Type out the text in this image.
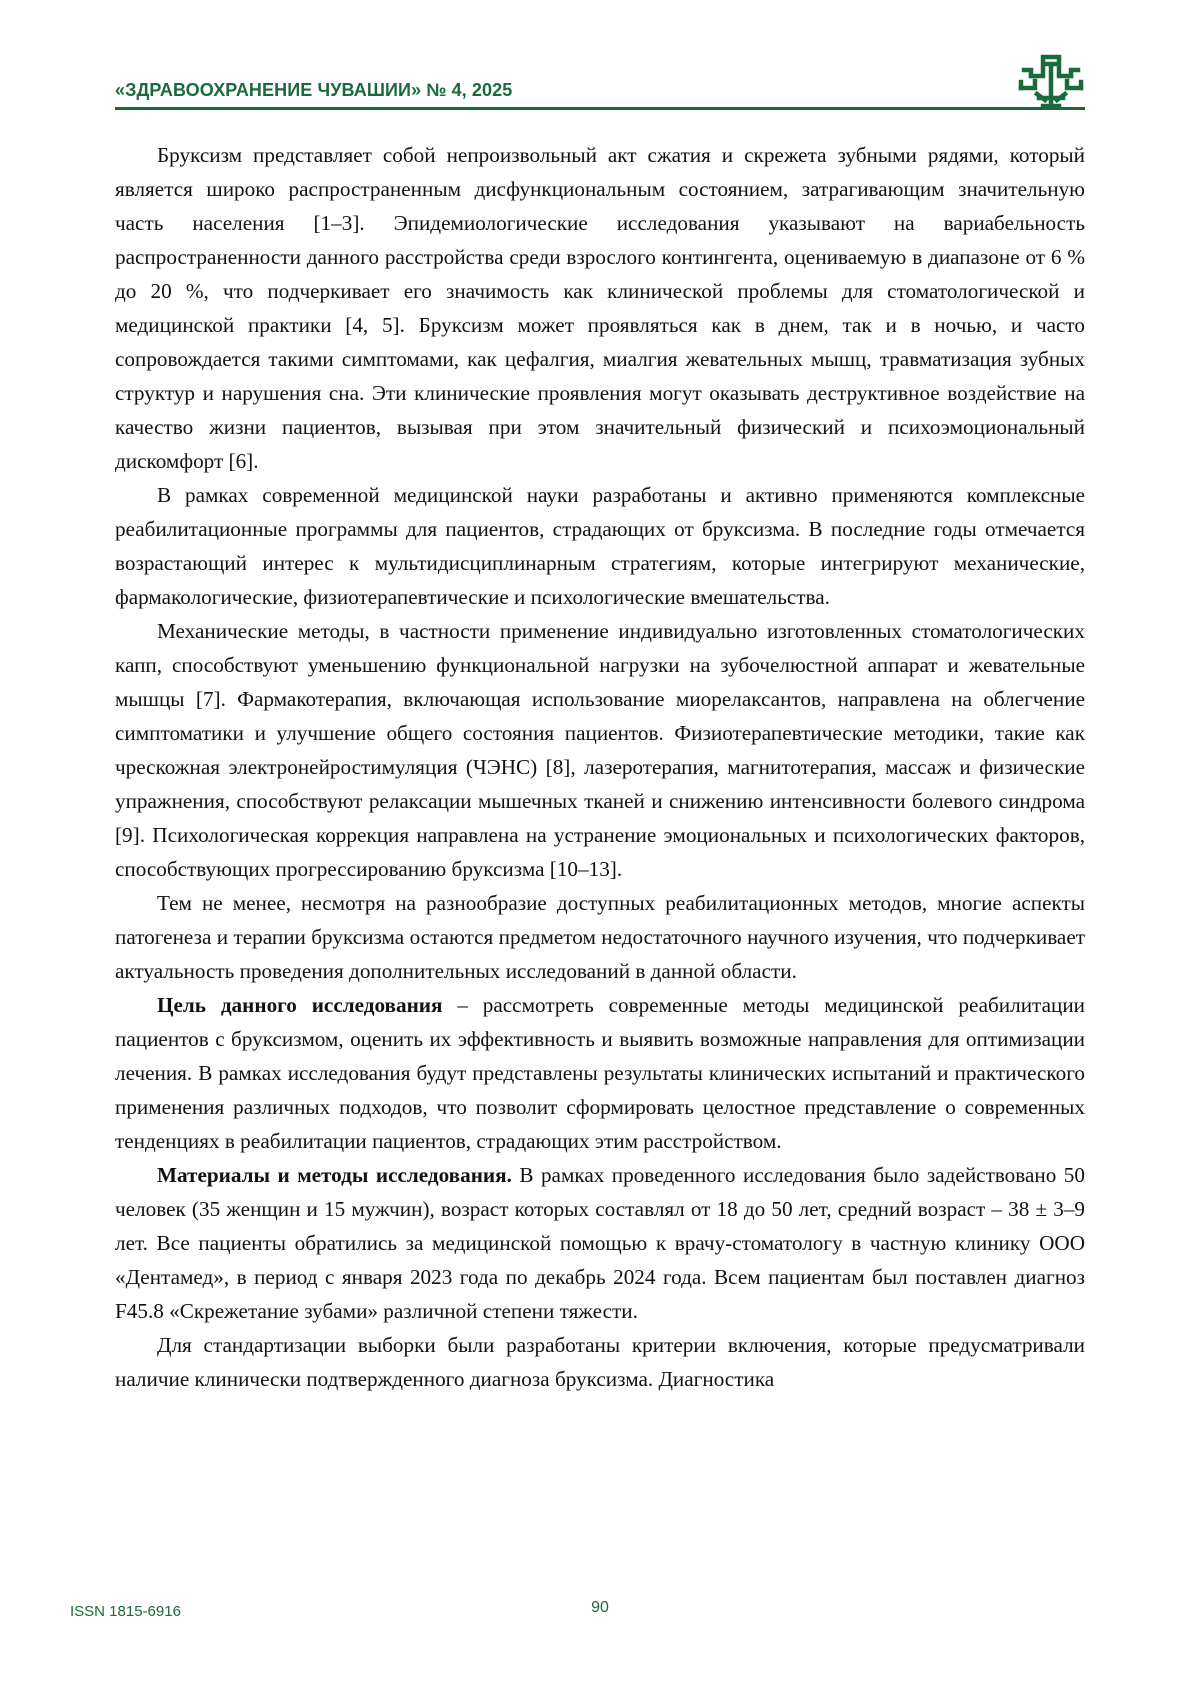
«ЗДРАВООХРАНЕНИЕ ЧУВАШИИ» № 4, 2025

Бруксизм представляет собой непроизвольный акт сжатия и скрежета зубными рядями, который является широко распространенным дисфункциональным состоянием, затрагивающим значительную часть населения [1–3]. Эпидемиологические исследования указывают на вариабельность распространенности данного расстройства среди взрослого контингента, оцениваемую в диапазоне от 6 % до 20 %, что подчеркивает его значимость как клинической проблемы для стоматологической и медицинской практики [4, 5]. Бруксизм может проявляться как в днем, так и в ночью, и часто сопровождается такими симптомами, как цефалгия, миалгия жевательных мышц, травматизация зубных структур и нарушения сна. Эти клинические проявления могут оказывать деструктивное воздействие на качество жизни пациентов, вызывая при этом значительный физический и психоэмоциональный дискомфорт [6].

В рамках современной медицинской науки разработаны и активно применяются комплексные реабилитационные программы для пациентов, страдающих от бруксизма. В последние годы отмечается возрастающий интерес к мультидисциплинарным стратегиям, которые интегрируют механические, фармакологические, физиотерапевтические и психологические вмешательства.

Механические методы, в частности применение индивидуально изготовленных стоматологических капп, способствуют уменьшению функциональной нагрузки на зубочелюстной аппарат и жевательные мышцы [7]. Фармакотерапия, включающая использование миорелаксантов, направлена на облегчение симптоматики и улучшение общего состояния пациентов. Физиотерапевтические методики, такие как чрескожная электронейростимуляция (ЧЭНС) [8], лазеротерапия, магнитотерапия, массаж и физические упражнения, способствуют релаксации мышечных тканей и снижению интенсивности болевого синдрома [9]. Психологическая коррекция направлена на устранение эмоциональных и психологических факторов, способствующих прогрессированию бруксизма [10–13].

Тем не менее, несмотря на разнообразие доступных реабилитационных методов, многие аспекты патогенеза и терапии бруксизма остаются предметом недостаточного научного изучения, что подчеркивает актуальность проведения дополнительных исследований в данной области.

Цель данного исследования – рассмотреть современные методы медицинской реабилитации пациентов с бруксизмом, оценить их эффективность и выявить возможные направления для оптимизации лечения. В рамках исследования будут представлены результаты клинических испытаний и практического применения различных подходов, что позволит сформировать целостное представление о современных тенденциях в реабилитации пациентов, страдающих этим расстройством.

Материалы и методы исследования. В рамках проведенного исследования было задействовано 50 человек (35 женщин и 15 мужчин), возраст которых составлял от 18 до 50 лет, средний возраст – 38 ± 3–9 лет. Все пациенты обратились за медицинской помощью к врачу-стоматологу в частную клинику ООО «Дентамед», в период с января 2023 года по декабрь 2024 года. Всем пациентам был поставлен диагноз F45.8 «Скрежетание зубами» различной степени тяжести.

Для стандартизации выборки были разработаны критерии включения, которые предусматривали наличие клинически подтвержденного диагноза бруксизма. Диагностика

ISSN 1815-6916	90
